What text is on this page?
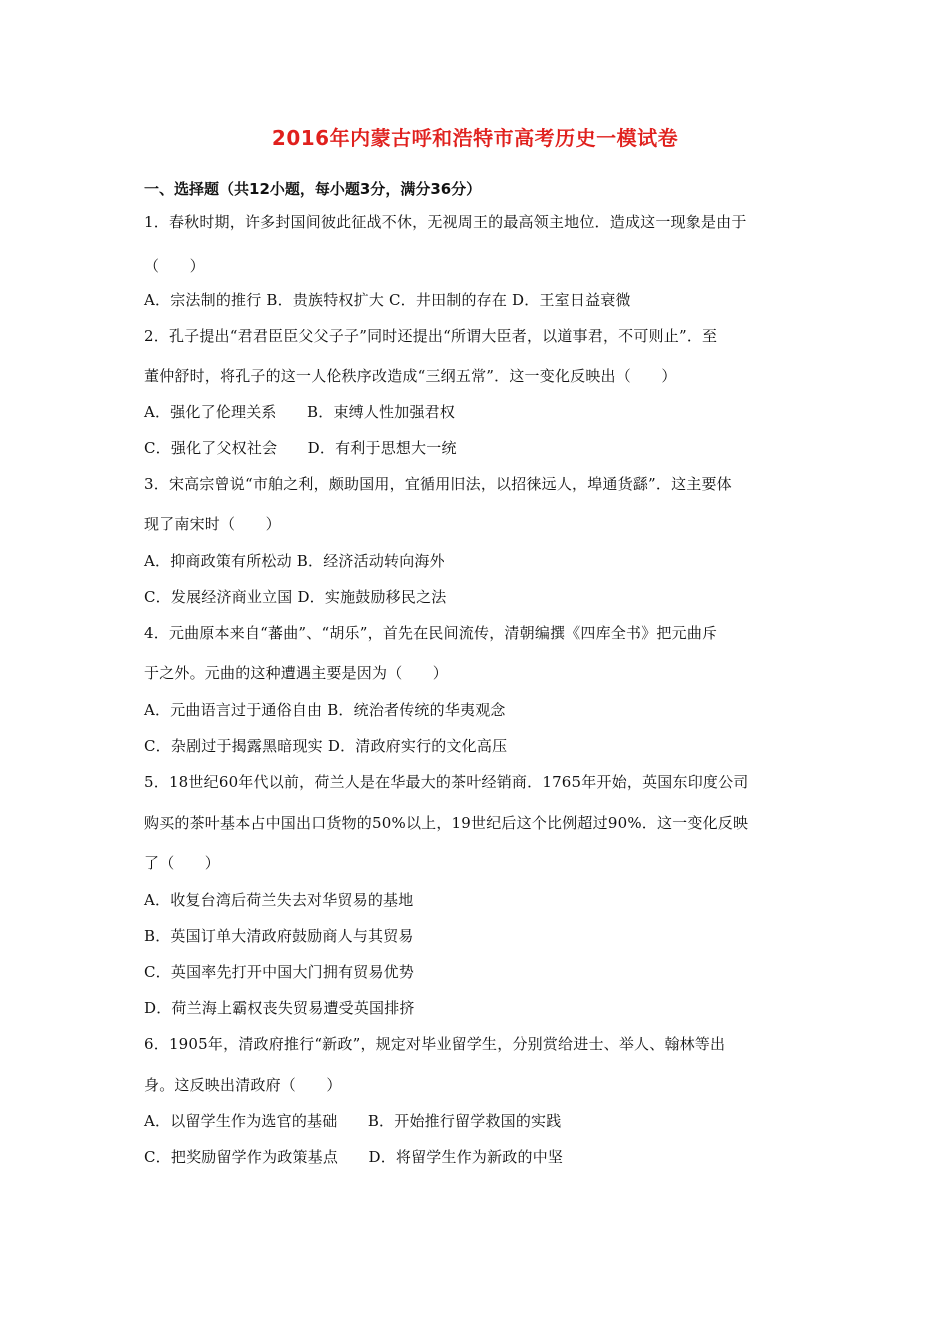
2016年内蒙古呼和浩特市高考历史一模试卷
一、选择题（共12小题，每小题3分，满分36分）
1．春秋时期，许多封国间彼此征战不休，无视周王的最高领主地位．造成这一现象是由于
（　　）
A．宗法制的推行 B．贵族特权扩大 C．井田制的存在 D．王室日益衰微
2．孔子提出“君君臣臣父父子子”同时还提出“所谓大臣者，以道事君，不可则止”．至
董仲舒时，将孔子的这一人伦秩序改造成“三纲五常”．这一变化反映出（　　）
A．强化了伦理关系　　B．束缚人性加强君权
C．强化了父权社会　　D．有利于思想大一统
3．宋高宗曾说“市舶之利，颇助国用，宜循用旧法，以招徕远人，埠通货繇”．这主要体
现了南宋时（　　）
A．抑商政策有所松动 B．经济活动转向海外
C．发展经济商业立国 D．实施鼓励移民之法
4．元曲原本来自“蕃曲”、“胡乐”，首先在民间流传，清朝编撰《四库全书》把元曲斥
于之外。元曲的这种遭遇主要是因为（　　）
A．元曲语言过于通俗自由 B．统治者传统的华夷观念
C．杂剧过于揭露黑暗现实 D．清政府实行的文化高压
5．18世纪60年代以前，荷兰人是在华最大的茶叶经销商．1765年开始，英国东印度公司
购买的茶叶基本占中国出口货物的50%以上，19世纪后这个比例超过90%．这一变化反映
了（　　）
A．收复台湾后荷兰失去对华贸易的基地
B．英国订单大清政府鼓励商人与其贸易
C．英国率先打开中国大门拥有贸易优势
D．荷兰海上霸权丧失贸易遭受英国排挤
6．1905年，清政府推行“新政”，规定对毕业留学生，分别赏给进士、举人、翰林等出
身。这反映出清政府（　　）
A．以留学生作为选官的基础　　B．开始推行留学救国的实践
C．把奖励留学作为政策基点　　D．将留学生作为新政的中坚
